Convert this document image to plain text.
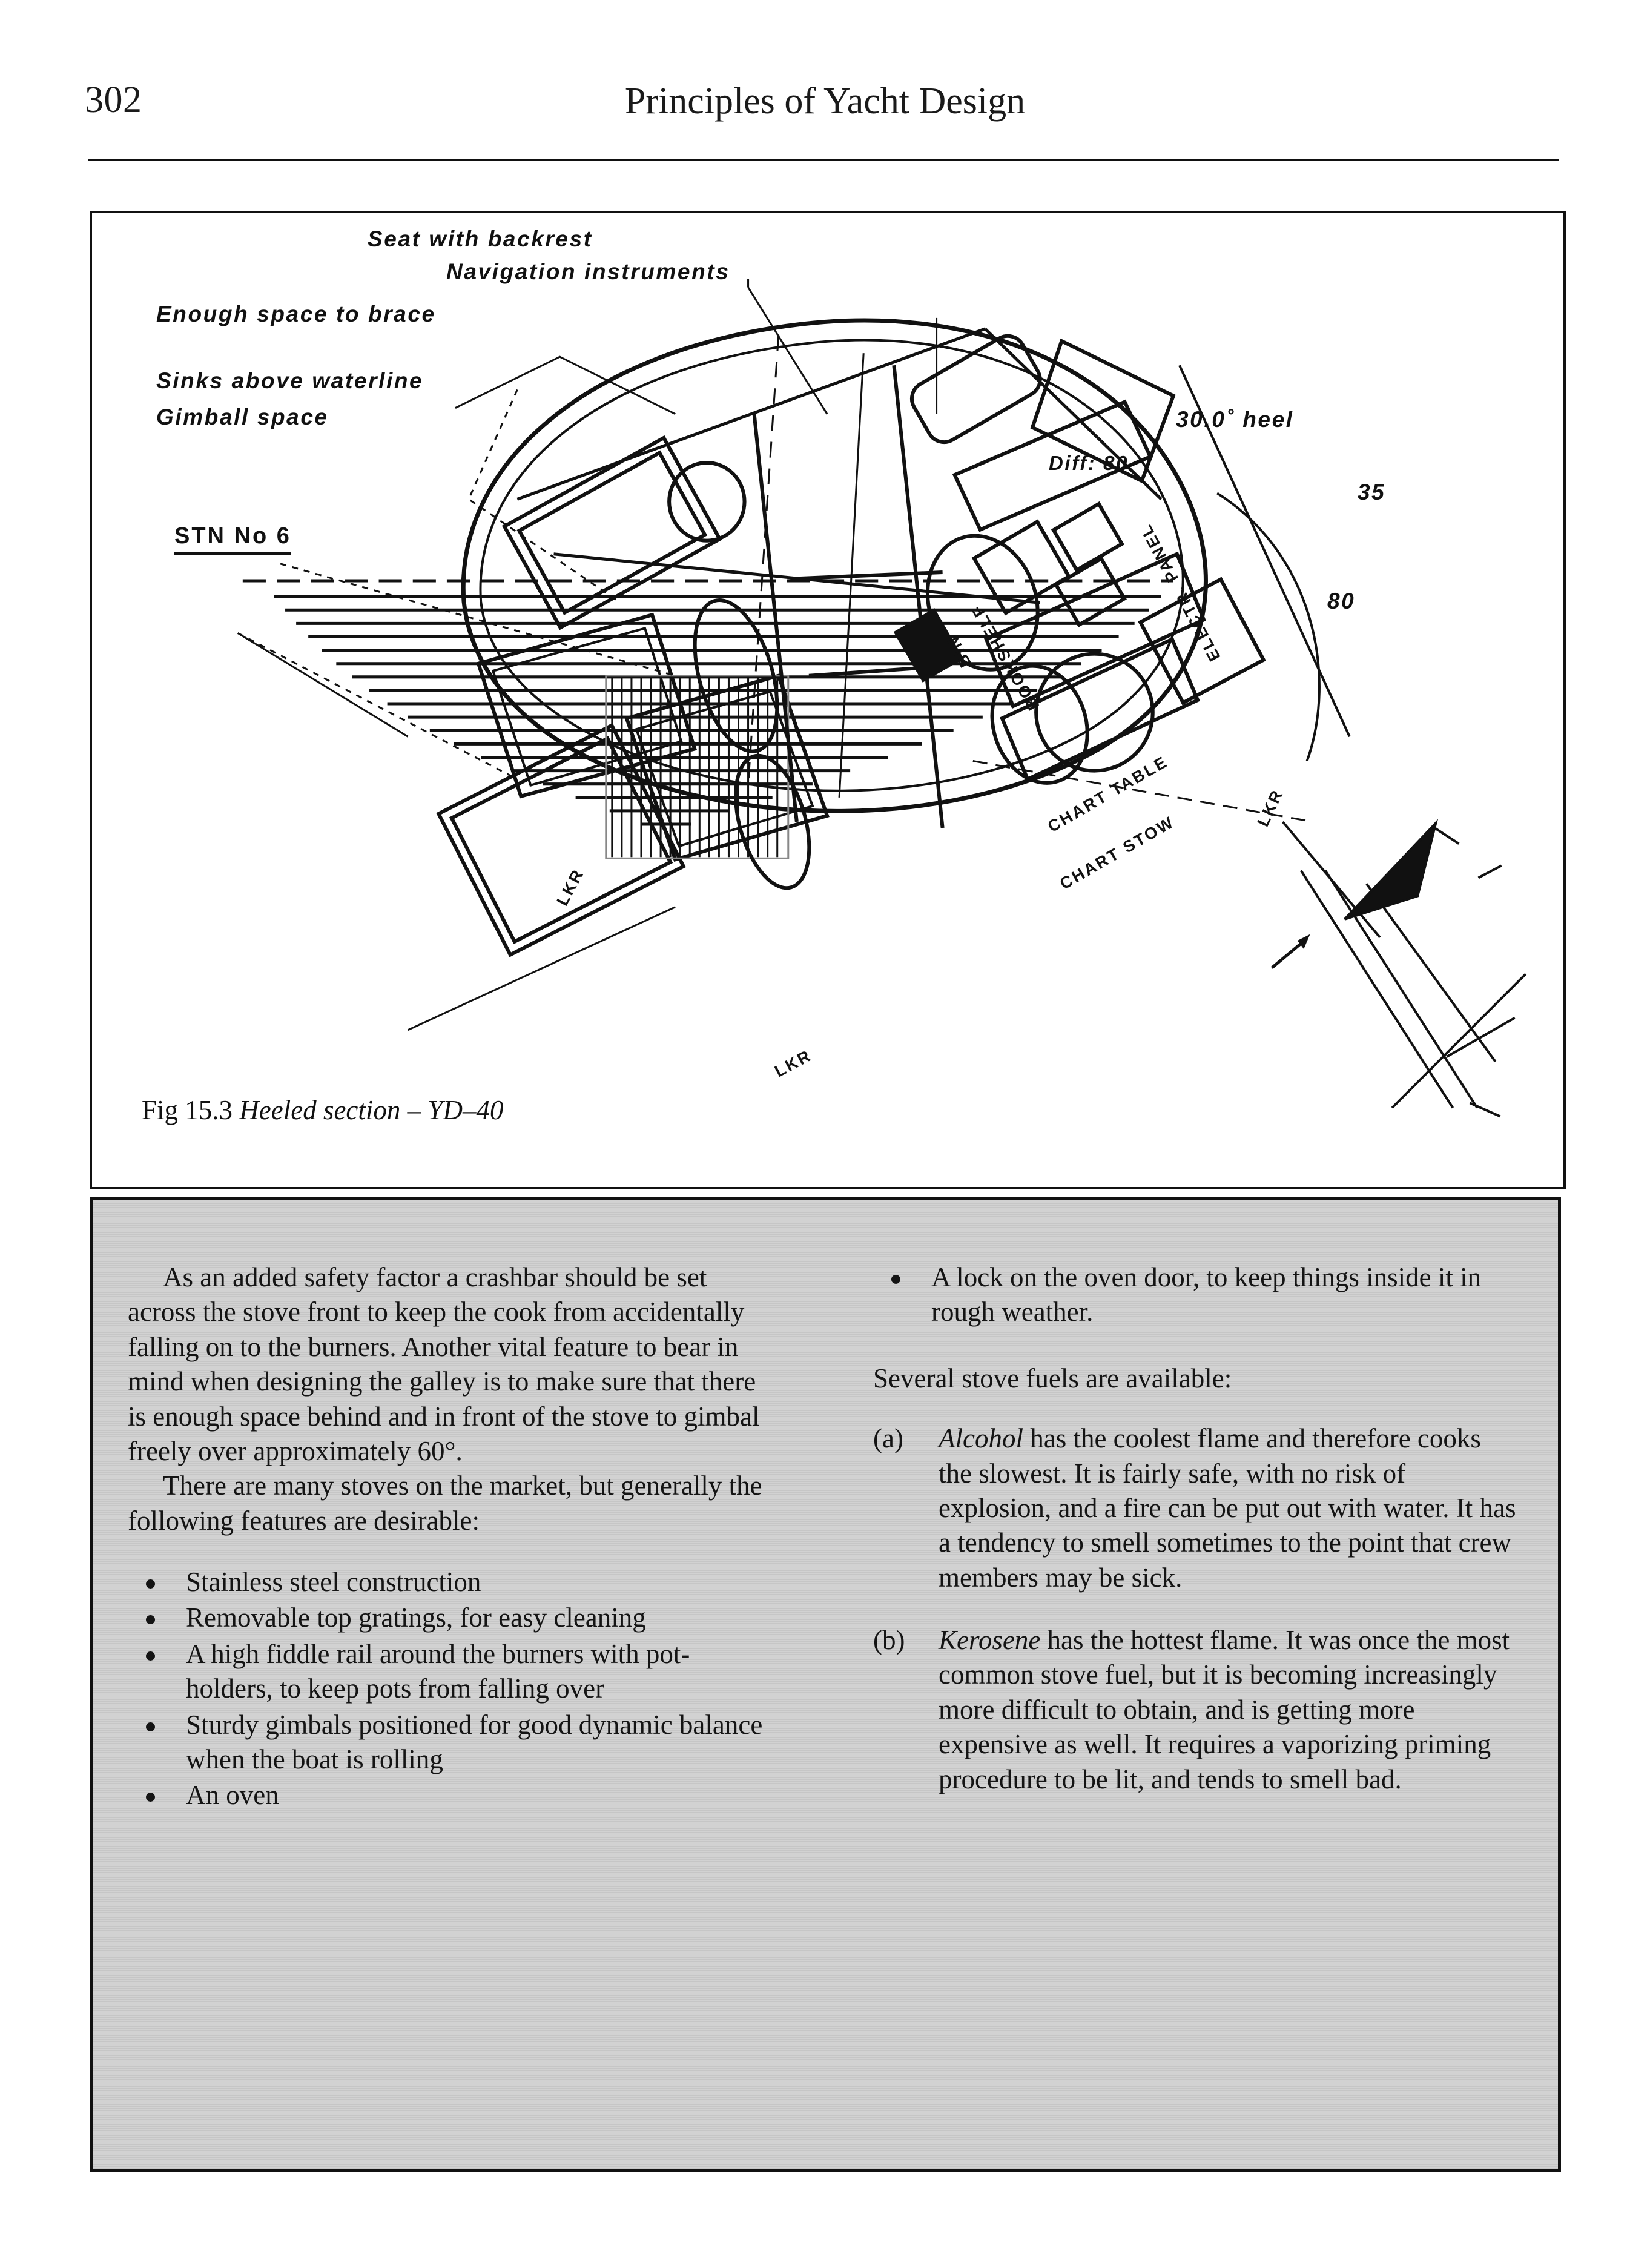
302	Principles of Yacht Design
BIN
BOOKSHELF	ELECTR. PANEL
CHART TABLE
CHART STOW
LKR
LKR
LKR
Seat with backrest
Navigation instruments
Enough space to brace
Sinks above waterline
Gimball space	30.0˚ heel
Diff: 80
35
80
STN No 6
Fig 15.3 Heeled section – YD–40

As an added safety factor a crashbar should be set across the stove front to keep the cook from accidentally falling on to the burners. Another vital feature to bear in mind when designing the galley is to make sure that there is enough space behind and in front of the stove to gimbal freely over approximately 60°.

There are many stoves on the market, but generally the following features are desirable:

Stainless steel construction
Removable top gratings, for easy cleaning
A high fiddle rail around the burners with pot-holders, to keep pots from falling over
Sturdy gimbals positioned for good dynamic balance when the boat is rolling
An oven
A lock on the oven door, to keep things inside it in rough weather.

Several stove fuels are available:

(a)	Alcohol has the coolest flame and therefore cooks the slowest. It is fairly safe, with no risk of explosion, and a fire can be put out with water. It has a tendency to smell sometimes to the point that crew members may be sick.
(b)	Kerosene has the hottest flame. It was once the most common stove fuel, but it is becoming increasingly more difficult to obtain, and is getting more expensive as well. It requires a vaporizing priming procedure to be lit, and tends to smell bad.
